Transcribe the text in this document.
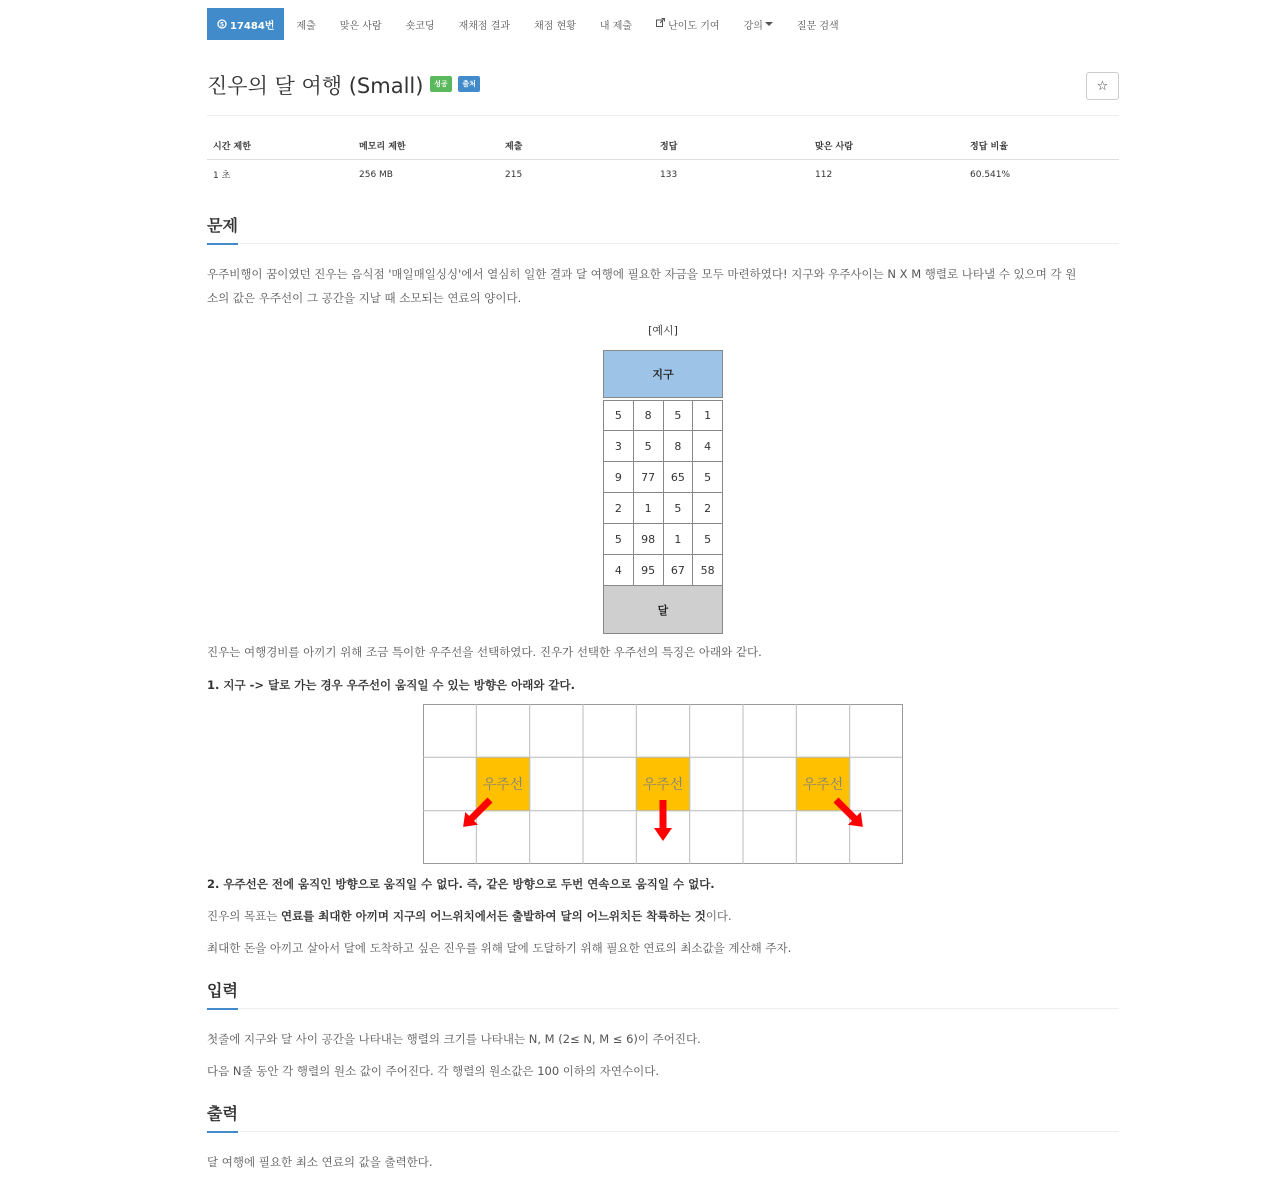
5 17484번	제출	맞은 사람	숏코딩	재채점 결과	채점 현황	내 제출	난이도 기여 강의	질문 검색
진우의 달 여행 (Small) 성공 출처	☆
시간 제한	메모리 제한	제출	정답	맞은 사람	정답 비율
1 초	256 MB	215	133	112	60.541%
문제
우주비행이 꿈이였던 진우는 음식점 '매일매일싱싱'에서 열심히 일한 결과 달 여행에 필요한 자금을 모두 마련하였다! 지구와 우주사이는 N X M 행렬로 나타낼 수 있으며 각 원
소의 값은 우주선이 그 공간을 지날 때 소모되는 연료의 양이다.
[예시]
지구
5	8	5	1
3	5	8	4
9	77	65	5
2	1	5	2
5	98	1	5
4	95	67	58
달
진우는 여행경비를 아끼기 위해 조금 특이한 우주선을 선택하였다. 진우가 선택한 우주선의 특징은 아래와 같다.
1. 지구 -> 달로 가는 경우 우주선이 움직일 수 있는 방향은 아래와 같다.
우주선	우주선	우주선
2. 우주선은 전에 움직인 방향으로 움직일 수 없다. 즉, 같은 방향으로 두번 연속으로 움직일 수 없다.
진우의 목표는 연료를 최대한 아끼며 지구의 어느위치에서든 출발하여 달의 어느위치든 착륙하는 것이다.
최대한 돈을 아끼고 살아서 달에 도착하고 싶은 진우를 위해 달에 도달하기 위해 필요한 연료의 최소값을 계산해 주자.
입력
첫줄에 지구와 달 사이 공간을 나타내는 행렬의 크기를 나타내는 N, M (2≤ N, M ≤ 6)이 주어진다.
다음 N줄 동안 각 행렬의 원소 값이 주어진다. 각 행렬의 원소값은 100 이하의 자연수이다.
출력
달 여행에 필요한 최소 연료의 값을 출력한다.
